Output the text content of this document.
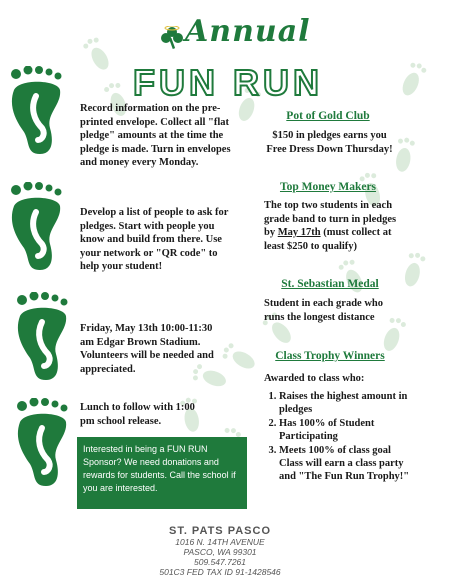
Annual
FUN RUN
Record information on the pre-printed envelope. Collect all "flat pledge" amounts at the time the pledge is made. Turn in envelopes and money every Monday.
Develop a list of people to ask for pledges. Start with people you know and build from there. Use your network or "QR code" to help your student!
Friday, May 13th 10:00-11:30 am Edgar Brown Stadium. Volunteers will be needed and appreciated.
Lunch to follow with 1:00 pm school release.
Interested in being a FUN RUN Sponsor? We need donations and rewards for students. Call the school if you are interested.
Pot of Gold Club
$150 in pledges earns you Free Dress Down Thursday!
Top Money Makers
The top two students in each grade band to turn in pledges by May 17th (must collect at least $250 to qualify)
St. Sebastian Medal
Student in each grade who runs the longest distance
Class Trophy Winners
Awarded to class who:
1. Raises the highest amount in pledges
2. Has 100% of Student Participating
3. Meets 100% of class goal Class will earn a class party and "The Fun Run Trophy!"
ST. PATS PASCO
1016 N. 14TH AVENUE
PASCO, WA 99301
509.547.7261
501C3 FED TAX ID 91-1428546
